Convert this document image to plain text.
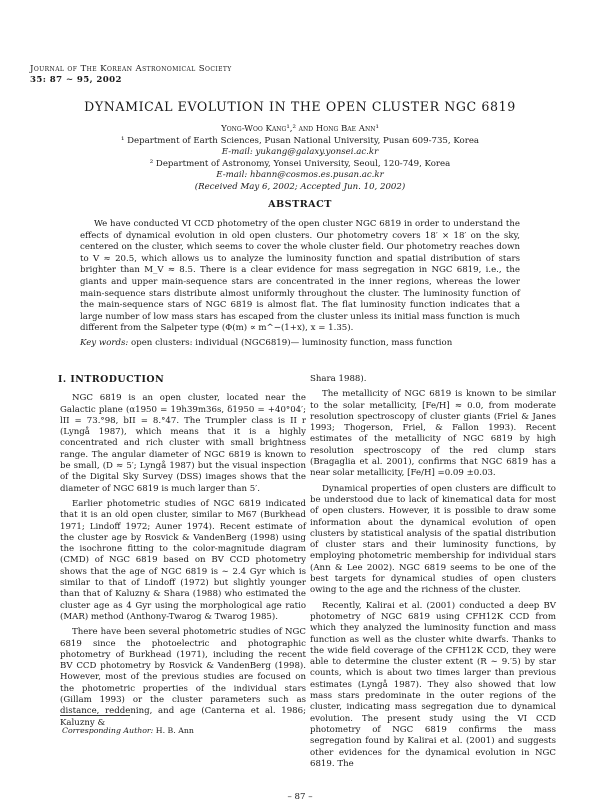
Journal of The Korean Astronomical Society
35: 87 ∼ 95, 2002
DYNAMICAL EVOLUTION IN THE OPEN CLUSTER NGC 6819
Yong-Woo Kang¹,² and Hong Bae Ann¹
¹ Department of Earth Sciences, Pusan National University, Pusan 609-735, Korea
E-mail: yukang@galaxy.yonsei.ac.kr
² Department of Astronomy, Yonsei University, Seoul, 120-749, Korea
E-mail: hbann@cosmos.es.pusan.ac.kr
(Received May 6, 2002; Accepted Jun. 10, 2002)
ABSTRACT

We have conducted VI CCD photometry of the open cluster NGC 6819 in order to understand the effects of dynamical evolution in old open clusters. Our photometry covers 18′ × 18′ on the sky, centered on the cluster, which seems to cover the whole cluster field. Our photometry reaches down to V ≈ 20.5, which allows us to analyze the luminosity function and spatial distribution of stars brighter than M_V ≈ 8.5. There is a clear evidence for mass segregation in NGC 6819, i.e., the giants and upper main-sequence stars are concentrated in the inner regions, whereas the lower main-sequence stars distribute almost uniformly throughout the cluster. The luminosity function of the main-sequence stars of NGC 6819 is almost flat. The flat luminosity function indicates that a large number of low mass stars has escaped from the cluster unless its initial mass function is much different from the Salpeter type (Φ(m) ∝ m^−(1+x), x = 1.35).

Key words: open clusters: individual (NGC6819)— luminosity function, mass function

I. INTRODUCTION

NGC 6819 is an open cluster, located near the Galactic plane (α1950 = 19h39m36s, δ1950 = +40°04′; lII = 73.°98, bII = 8.°47. The Trumpler class is II r (Lyngå 1987), which means that it is a highly concentrated and rich cluster with small brightness range. The angular diameter of NGC 6819 is known to be small, (D ≈ 5′; Lyngå 1987) but the visual inspection of the Digital Sky Survey (DSS) images shows that the diameter of NGC 6819 is much larger than 5′.

Earlier photometric studies of NGC 6819 indicated that it is an old open cluster, similar to M67 (Burkhead 1971; Lindoff 1972; Auner 1974). Recent estimate of the cluster age by Rosvick & VandenBerg (1998) using the isochrone fitting to the color-magnitude diagram (CMD) of NGC 6819 based on BV CCD photometry shows that the age of NGC 6819 is ∼ 2.4 Gyr which is similar to that of Lindoff (1972) but slightly younger than that of Kaluzny & Shara (1988) who estimated the cluster age as 4 Gyr using the morphological age ratio (MAR) method (Anthony-Twarog & Twarog 1985).

There have been several photometric studies of NGC 6819 since the photoelectric and photographic photometry of Burkhead (1971), including the recent BV CCD photometry by Rosvick & VandenBerg (1998). However, most of the previous studies are focused on the photometric properties of the individual stars (Gillam 1993) or the cluster parameters such as distance, reddening, and age (Canterna et al. 1986; Kaluzny &

Shara 1988).

The metallicity of NGC 6819 is known to be similar to the solar metallicity, [Fe/H] ≈ 0.0, from moderate resolution spectroscopy of cluster giants (Friel & Janes 1993; Thogerson, Friel, & Fallon 1993). Recent estimates of the metallicity of NGC 6819 by high resolution spectroscopy of the red clump stars (Bragaglia et al. 2001), confirms that NGC 6819 has a near solar metallicity, [Fe/H] =0.09 ±0.03.

Dynamical properties of open clusters are difficult to be understood due to lack of kinematical data for most of open clusters. However, it is possible to draw some information about the dynamical evolution of open clusters by statistical analysis of the spatial distribution of cluster stars and their luminosity functions, by employing photometric membership for individual stars (Ann & Lee 2002). NGC 6819 seems to be one of the best targets for dynamical studies of open clusters owing to the age and the richness of the cluster.

Recently, Kalirai et al. (2001) conducted a deep BV photometry of NGC 6819 using CFH12K CCD from which they analyzed the luminosity function and mass function as well as the cluster white dwarfs. Thanks to the wide field coverage of the CFH12K CCD, they were able to determine the cluster extent (R ∼ 9.′5) by star counts, which is about two times larger than previous estimates (Lyngå 1987). They also showed that low mass stars predominate in the outer regions of the cluster, indicating mass segregation due to dynamical evolution. The present study using the VI CCD photometry of NGC 6819 confirms the mass segregation found by Kalirai et al. (2001) and suggests other evidences for the dynamical evolution in NGC 6819. The

Corresponding Author: H. B. Ann
– 87 –
